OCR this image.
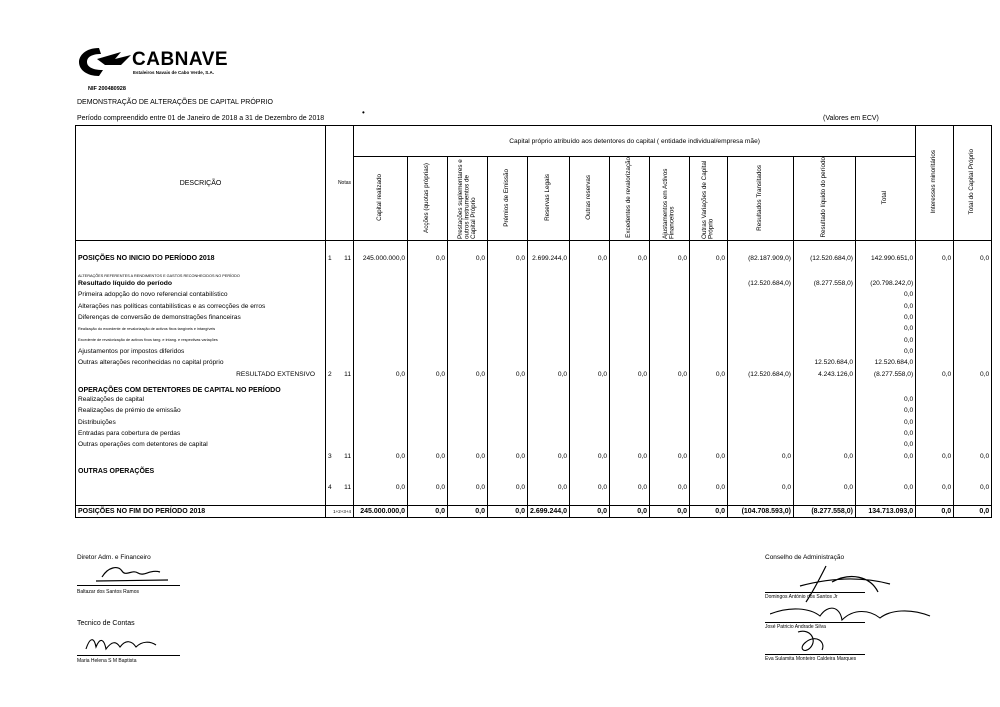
CABNAVE
Estaleiros Navais de Cabo Verde, S.A.
NIF 200480928
DEMONSTRAÇÃO DE ALTERAÇÕES DE CAPITAL PRÓPRIO
•
Período compreendido entre 01 de Janeiro de 2018 a 31 de Dezembro de 2018	(Valores em ECV)
DESCRIÇÃO	Notas		Capital próprio atribuído aos detentores do capital ( entidade individual/empresa mãe)												Interesses minoritários	Total do Capital Próprio
			Capital realizado	Acções (quotas próprias)	Prestações suplementares e outros instrumentos de Capital Próprio	Prémios de Emissão	Reservas Legais	Outras reservas	Excedentes de revalorização	Ajustamentos em Activos Financeiros	Outras Variações de Capital Próprio	Resultados Transitados	Resultado líquido do período	Total		

POSIÇÕES NO INICIO DO PERÍODO 2018	1	11	245.000.000,0	0,0	0,0	0,0	2.699.244,0	0,0	0,0	0,0	0,0	(82.187.909,0)	(12.520.684,0)	142.990.651,0	0,0	0,0
ALTERAÇÕES REFERENTES A RENDIMENTOS E GASTOS RECONHECIDOS NO PERÍODO																
Resultado líquido do período												(12.520.684,0)	(8.277.558,0)	(20.798.242,0)		
Primeira adopção do novo referencial contabilístico														0,0		
Alterações nas políticas contabilísticas e as correcções de erros														0,0		
Diferenças de conversão de demonstrações financeiras														0,0		
Realização do excedente de revalorização de activos fixos tangíveis e intangíveis														0,0		
Excedente de revalorização de activos fixos tang. e intang. e respectivas variações														0,0		
Ajustamentos por impostos diferidos														0,0		
Outras alterações reconhecidas no capital próprio													12.520.684,0	12.520.684,0		
RESULTADO EXTENSIVO	2	11	0,0	0,0	0,0	0,0	0,0	0,0	0,0	0,0	0,0	(12.520.684,0)	4.243.126,0	(8.277.558,0)	0,0	0,0
OPERAÇÕES COM DETENTORES DE CAPITAL NO PERÍODO																
Realizações de capital														0,0		
Realizações de prémio de emissão														0,0		
Distribuições														0,0		
Entradas para cobertura de perdas														0,0		
Outras operações com detentores de capital														0,0		
	3	11	0,0	0,0	0,0	0,0	0,0	0,0	0,0	0,0	0,0	0,0	0,0	0,0	0,0	0,0
OUTRAS OPERAÇÕES																
	4	11	0,0	0,0	0,0	0,0	0,0	0,0	0,0	0,0	0,0	0,0	0,0	0,0	0,0	0,0

POSIÇÕES NO FIM DO PERÍODO 2018	1+2+3+4		245.000.000,0	0,0	0,0	0,0	2.699.244,0	0,0	0,0	0,0	0,0	(104.708.593,0)	(8.277.558,0)	134.713.093,0	0,0	0,0
Diretor Adm. e Financeiro
Baltazar dos Santos Ramos
Tecnico de Contas
Maria Helena S M Baptista
Conselho de Administração
Domingos António dos Santos Jr
José Patricio Andrade Silva
Eva Sulamita Monteiro Caldeira Marques
